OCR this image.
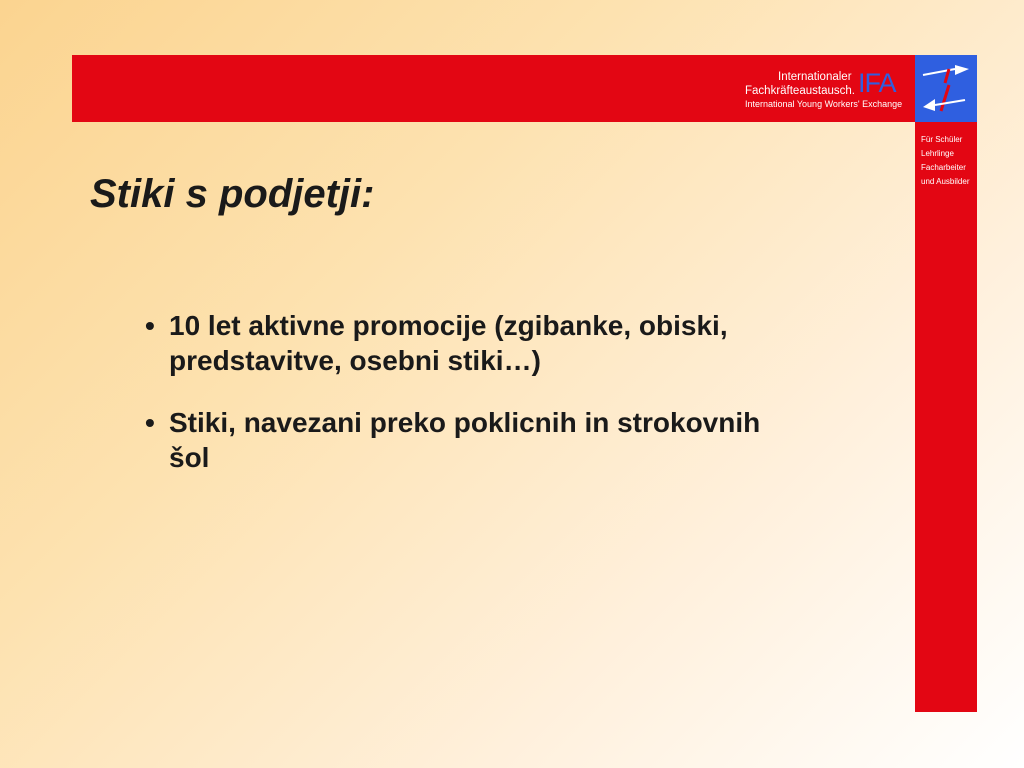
Internationaler
Fachkräfteaustausch.
International Young Workers' Exchange
IFA
Für Schüler
Lehrlinge
Facharbeiter
und Ausbilder
Stiki s podjetji:
• 10 let aktivne promocije (zgibanke, obiski, predstavitve, osebni stiki…)
• Stiki, navezani preko poklicnih in strokovnih šol
